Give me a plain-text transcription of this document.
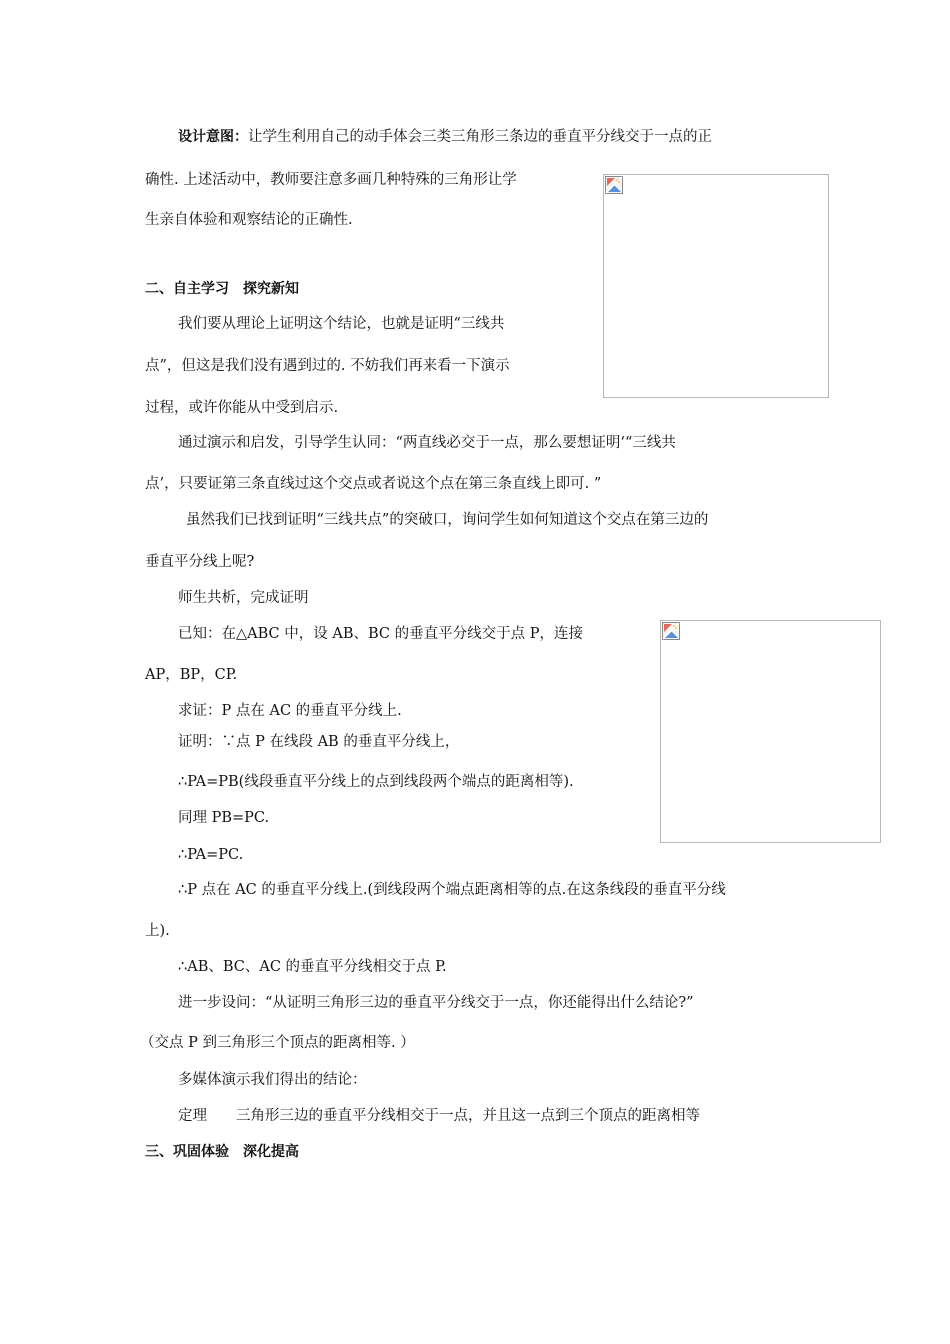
设计意图：让学生利用自己的动手体会三类三角形三条边的垂直平分线交于一点的正
确性. 上述活动中，教师要注意多画几种特殊的三角形让学
生亲自体验和观察结论的正确性.
二、自主学习　探究新知
我们要从理论上证明这个结论，也就是证明“三线共
点”，但这是我们没有遇到过的. 不妨我们再来看一下演示
过程，或许你能从中受到启示.
通过演示和启发，引导学生认同：“两直线必交于一点，那么要想证明‘“三线共
点’，只要证第三条直线过这个交点或者说这个点在第三条直线上即可. ”
虽然我们已找到证明“三线共点”的突破口，询问学生如何知道这个交点在第三边的
垂直平分线上呢?
师生共析，完成证明
已知：在△ABC 中，设 AB、BC 的垂直平分线交于点 P，连接
AP，BP，CP.
求证：P 点在 AC 的垂直平分线上.
证明：∵点 P 在线段 AB 的垂直平分线上，
∴PA=PB(线段垂直平分线上的点到线段两个端点的距离相等).
同理 PB=PC.
∴PA=PC.
∴P 点在 AC 的垂直平分线上.(到线段两个端点距离相等的点.在这条线段的垂直平分线
上).
∴AB、BC、AC 的垂直平分线相交于点 P.
进一步设问：“从证明三角形三边的垂直平分线交于一点，你还能得出什么结论?”
（交点 P 到三角形三个顶点的距离相等. ）
多媒体演示我们得出的结论：
定理　　三角形三边的垂直平分线相交于一点，并且这一点到三个顶点的距离相等
三、巩固体验　深化提高
